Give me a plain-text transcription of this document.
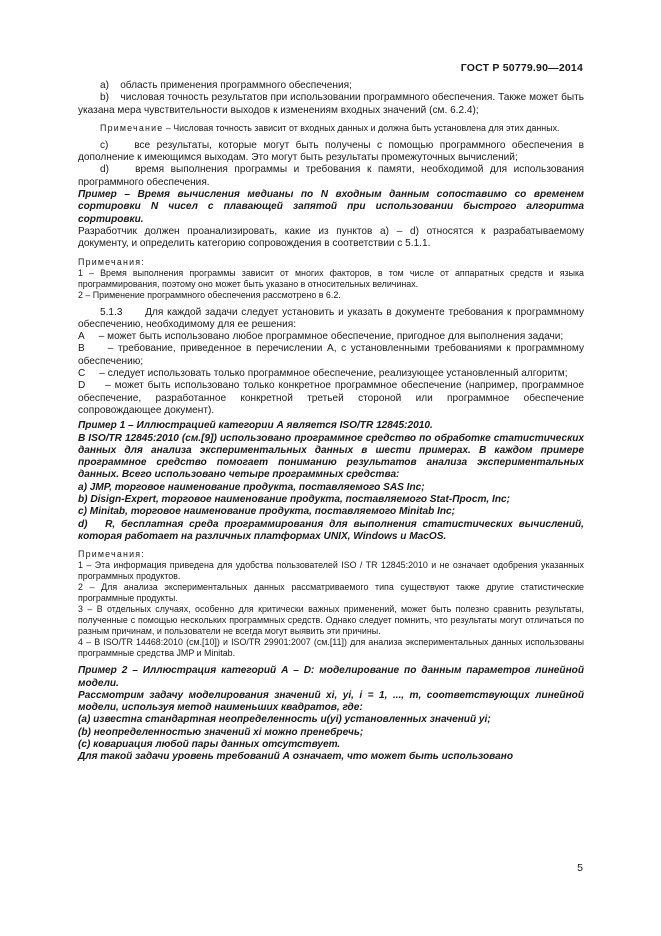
ГОСТ Р 50779.90—2014

a)    область применения программного обеспечения;

b)    числовая точность результатов при использовании программного обеспечения. Также может быть указана мера чувствительности выходов к изменениям входных значений (см. 6.2.4);

Примечание – Числовая точность зависит от входных данных и должна быть установлена для этих данных.

c)    все результаты, которые могут быть получены с помощью программного обеспечения в дополнение к имеющимся выходам. Это могут быть результаты промежуточных вычислений;

d)    время выполнения программы и требования к памяти, необходимой для использования программного обеспечения.

Пример – Время вычисления медианы по N входным данным сопоставимо со временем сортировки N чисел с плавающей запятой при использовании быстрого алгоритма сортировки.

Разработчик должен проанализировать, какие из пунктов а) – d) относятся к разрабатываемому документу, и определить категорию сопровождения в соответствии с 5.1.1.

Примечания:

1 – Время выполнения программы зависит от многих факторов, в том числе от аппаратных средств и языка программирования, поэтому оно может быть указано в относительных величинах.

2 – Применение программного обеспечения рассмотрено в 6.2.

5.1.3      Для каждой задачи следует установить и указать в документе требования к программному обеспечению, необходимому для ее решения:

А     – может быть использовано любое программное обеспечение, пригодное для выполнения задачи;

В     – требование, приведенное в перечислении А, с установленными требованиями к программному обеспечению;

С     – следует использовать только программное обеспечение, реализующее установленный алгоритм;

D     – может быть использовано только конкретное программное обеспечение (например, программное обеспечение, разработанное конкретной третьей стороной или программное обеспечение сопровождающее документ).

Пример 1 – Иллюстрацией категории А является ISO/TR 12845:2010.

В ISO/TR 12845:2010 (см.[9]) использовано программное средство по обработке статистических данных для анализа экспериментальных данных в шести примерах. В каждом примере программное средство помогает пониманию результатов анализа экспериментальных данных. Всего использовано четыре программных средства:

а) JMP, торговое наименование продукта, поставляемого SAS Inc;

b) Disign-Expert, торговое наименование продукта, поставляемого Stat-Просm, Inc;

c) Minitab, торговое наименование продукта, поставляемого Minitab Inc;

d)   R, бесплатная среда программирования для выполнения статистических вычислений, которая работает на различных платформах UNIX, Windows и MacOS.

Примечания:

1 – Эта информация приведена для удобства пользователей ISO / TR 12845:2010 и не означает одобрения указанных программных продуктов.

2 – Для анализа экспериментальных данных рассматриваемого типа существуют также другие статистические программные продукты.

3 – В отдельных случаях, особенно для критически важных применений, может быть полезно сравнить результаты, полученные с помощью нескольких программных средств. Однако следует помнить, что результаты могут отличаться по разным причинам, и пользователи не всегда могут выявить эти причины.

4 – В ISO/TR 14468:2010 (см.[10]) и ISO/TR 29901:2007 (см.[11]) для анализа экспериментальных данных использованы программные средства JMP и Minitab.

Пример 2 – Иллюстрация категорий А – D: моделирование по данным параметров линейной модели.

Рассмотрим задачу моделирования значений xi, yi, i = 1, ..., m, соответствующих линейной модели, используя метод наименьших квадратов, где:

(а) известна стандартная неопределенность u(yi) установленных значений yi;

(b) неопределенностью значений xi можно пренебречь;

(c) ковариация любой пары данных отсутствует.

Для такой задачи уровень требований А означает, что может быть использовано

5
